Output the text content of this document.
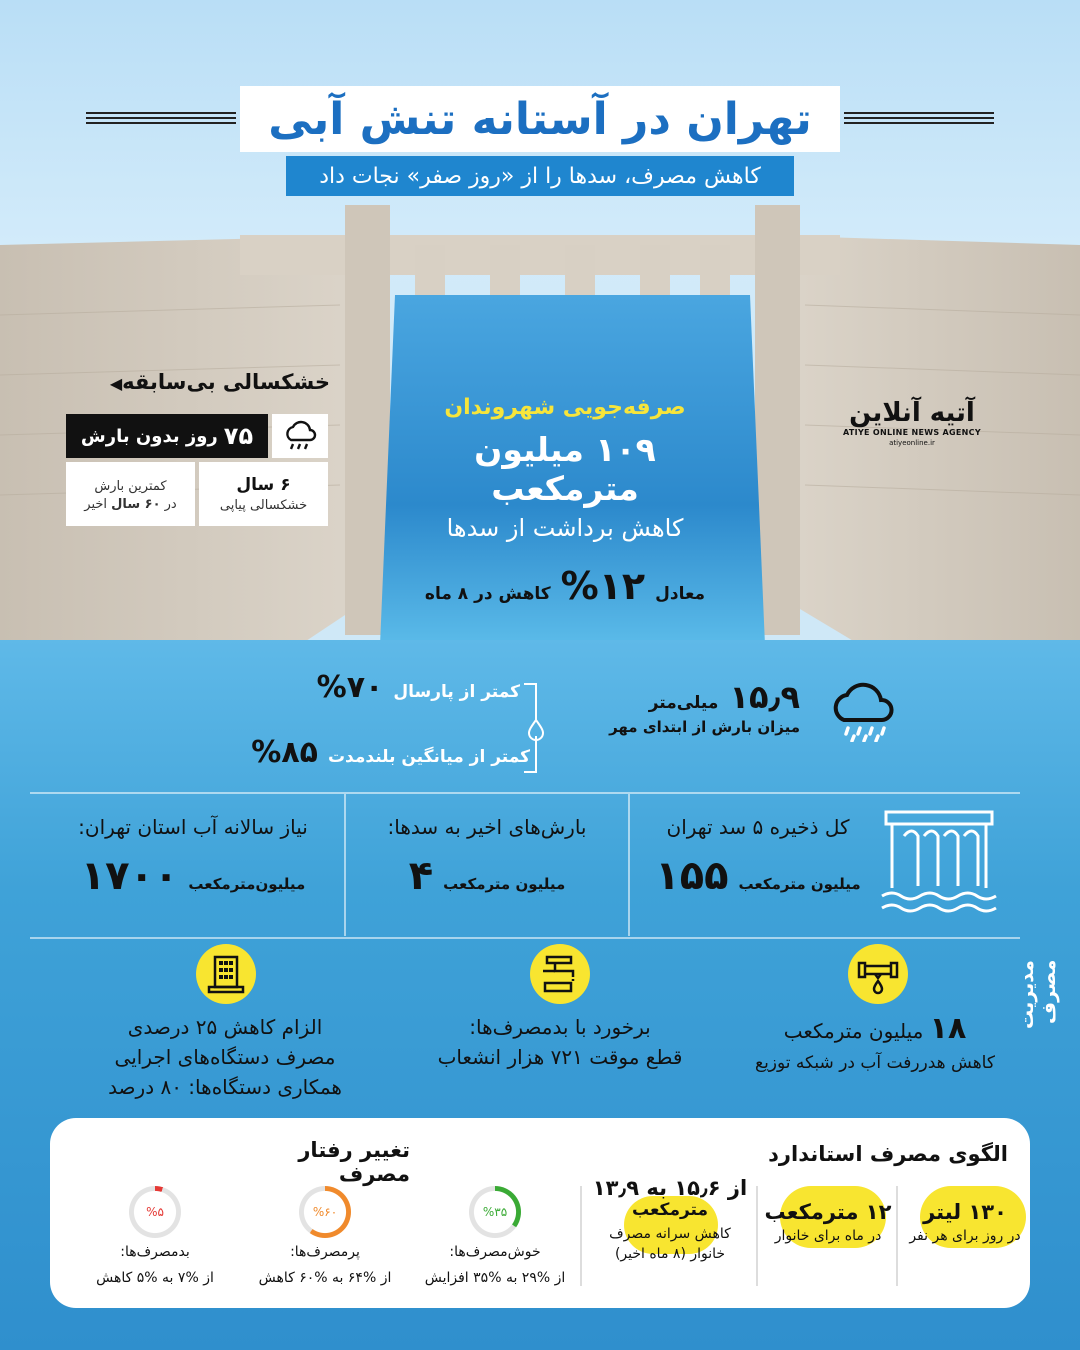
تهران در آستانه تنش آبی
کاهش مصرف، سدها را از «روز صفر» نجات داد
خشکسالی بی‌سابقه◀
۷۵
روز بدون بارش
۶ سال
خشکسالی پیاپی
کمترین بارش
در ۶۰ سال اخیر
آتیه آنلاین
ATIYE ONLINE NEWS AGENCY
atiyeonline.ir
صرفه‌جویی شهروندان
۱۰۹ میلیون مترمکعب
کاهش برداشت از سدها
معادل
%۱۲
کاهش در ۸ ماه
۱۵٫۹ میلی‌متر
میزان بارش از ابتدای مهر
کمتر از پارسال
%۷۰
کمتر از میانگین بلندمدت
%۸۵
کل ذخیره ۵ سد تهران
میلیون مترمکعب
۱۵۵
بارش‌های اخیر به سدها:
میلیون مترمکعب
۴
نیاز سالانه آب استان تهران:
میلیون‌مترمکعب
۱۷۰۰
مدیریت مصرف
۱۸ میلیون مترمکعب
کاهش هدررفت آب در شبکه توزیع
برخورد با بدمصرف‌ها:
قطع موقت ۷۲۱ هزار انشعاب
الزام کاهش ۲۵ درصدی
مصرف دستگاه‌های اجرایی
همکاری دستگاه‌ها: ۸۰ درصد
الگوی مصرف استاندارد
تغییر رفتار مصرف
۱۳۰ لیتر
در روز برای هر نفر
۱۲ مترمکعب
در ماه برای خانوار
از ۱۵٫۶ به ۱۳٫۹
مترمکعب
کاهش سرانه مصرف
خانوار (۸ ماه اخیر)
%۳۵
خوش‌مصرف‌ها:
از %۲۹ به %۳۵ افزایش
%۶۰
پرمصرف‌ها:
از %۶۴ به %۶۰ کاهش
%۵
بدمصرف‌ها:
از %۷ به %۵ کاهش
